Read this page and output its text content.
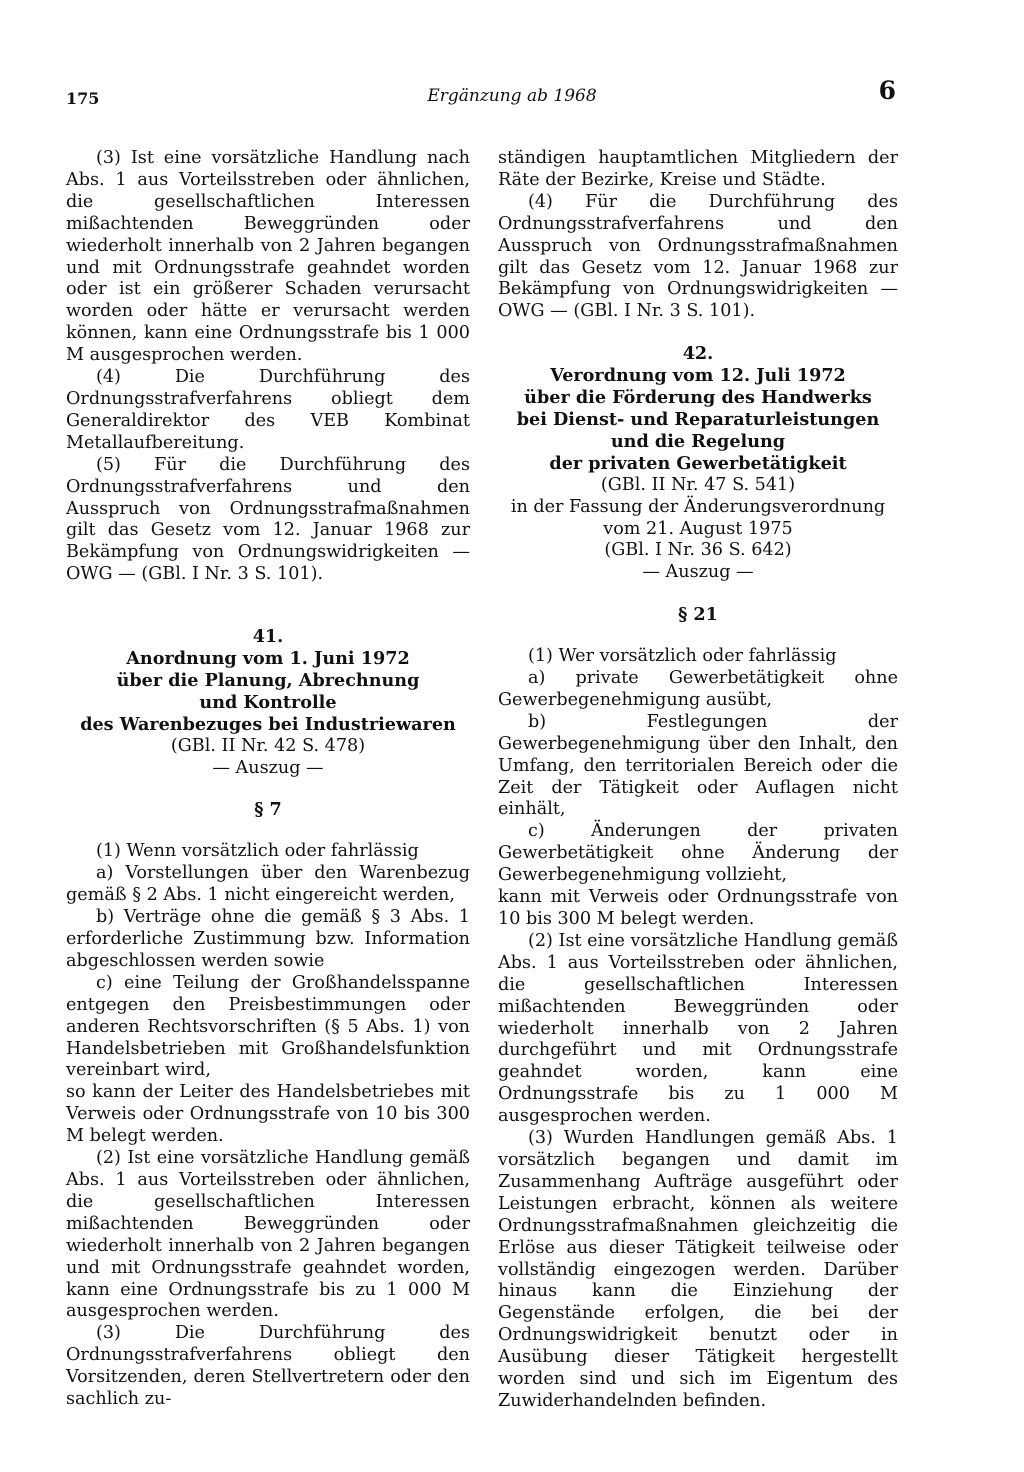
175	Ergänzung ab 1968	6

(3) Ist eine vorsätzliche Handlung nach Abs. 1 aus Vorteilsstreben oder ähnlichen, die gesellschaftlichen Interessen mißachtenden Beweggründen oder wiederholt innerhalb von 2 Jahren begangen und mit Ordnungsstrafe geahndet worden oder ist ein größerer Schaden verursacht worden oder hätte er verursacht werden können, kann eine Ordnungsstrafe bis 1 000 M ausgesprochen werden.

(4) Die Durchführung des Ordnungsstrafverfahrens obliegt dem Generaldirektor des VEB Kombinat Metallaufbereitung.

(5) Für die Durchführung des Ordnungsstrafverfahrens und den Ausspruch von Ordnungsstrafmaßnahmen gilt das Gesetz vom 12. Januar 1968 zur Bekämpfung von Ordnungswidrigkeiten — OWG — (GBl. I Nr. 3 S. 101).

41.
Anordnung vom 1. Juni 1972
über die Planung, Abrechnung
und Kontrolle
des Warenbezuges bei Industriewaren
(GBl. II Nr. 42 S. 478)
— Auszug —
§ 7

(1) Wenn vorsätzlich oder fahrlässig

a) Vorstellungen über den Warenbezug gemäß § 2 Abs. 1 nicht eingereicht werden,

b) Verträge ohne die gemäß § 3 Abs. 1 erforderliche Zustimmung bzw. Information abgeschlossen werden sowie

c) eine Teilung der Großhandelsspanne entgegen den Preisbestimmungen oder anderen Rechtsvorschriften (§ 5 Abs. 1) von Handelsbetrieben mit Großhandelsfunktion vereinbart wird,

so kann der Leiter des Handelsbetriebes mit Verweis oder Ordnungsstrafe von 10 bis 300 M belegt werden.

(2) Ist eine vorsätzliche Handlung gemäß Abs. 1 aus Vorteilsstreben oder ähnlichen, die gesellschaftlichen Interessen mißachtenden Beweggründen oder wiederholt innerhalb von 2 Jahren begangen und mit Ordnungsstrafe geahndet worden, kann eine Ordnungsstrafe bis zu 1 000 M ausgesprochen werden.

(3) Die Durchführung des Ordnungsstrafverfahrens obliegt den Vorsitzenden, deren Stellvertretern oder den sachlich zu-

ständigen hauptamtlichen Mitgliedern der Räte der Bezirke, Kreise und Städte.

(4) Für die Durchführung des Ordnungsstrafverfahrens und den Ausspruch von Ordnungsstrafmaßnahmen gilt das Gesetz vom 12. Januar 1968 zur Bekämpfung von Ordnungswidrigkeiten — OWG — (GBl. I Nr. 3 S. 101).

42.
Verordnung vom 12. Juli 1972
über die Förderung des Handwerks
bei Dienst- und Reparaturleistungen
und die Regelung
der privaten Gewerbetätigkeit
(GBl. II Nr. 47 S. 541)
in der Fassung der Änderungsverordnung
vom 21. August 1975
(GBl. I Nr. 36 S. 642)
— Auszug —
§ 21

(1) Wer vorsätzlich oder fahrlässig

a) private Gewerbetätigkeit ohne Gewerbegenehmigung ausübt,

b) Festlegungen der Gewerbegenehmigung über den Inhalt, den Umfang, den territorialen Bereich oder die Zeit der Tätigkeit oder Auflagen nicht einhält,

c) Änderungen der privaten Gewerbetätigkeit ohne Änderung der Gewerbegenehmigung vollzieht,

kann mit Verweis oder Ordnungsstrafe von 10 bis 300 M belegt werden.

(2) Ist eine vorsätzliche Handlung gemäß Abs. 1 aus Vorteilsstreben oder ähnlichen, die gesellschaftlichen Interessen mißachtenden Beweggründen oder wiederholt innerhalb von 2 Jahren durchgeführt und mit Ordnungsstrafe geahndet worden, kann eine Ordnungsstrafe bis zu 1 000 M ausgesprochen werden.

(3) Wurden Handlungen gemäß Abs. 1 vorsätzlich begangen und damit im Zusammenhang Aufträge ausgeführt oder Leistungen erbracht, können als weitere Ordnungsstrafmaßnahmen gleichzeitig die Erlöse aus dieser Tätigkeit teilweise oder vollständig eingezogen werden. Darüber hinaus kann die Einziehung der Gegenstände erfolgen, die bei der Ordnungswidrigkeit benutzt oder in Ausübung dieser Tätigkeit hergestellt worden sind und sich im Eigentum des Zuwiderhandelnden befinden.
